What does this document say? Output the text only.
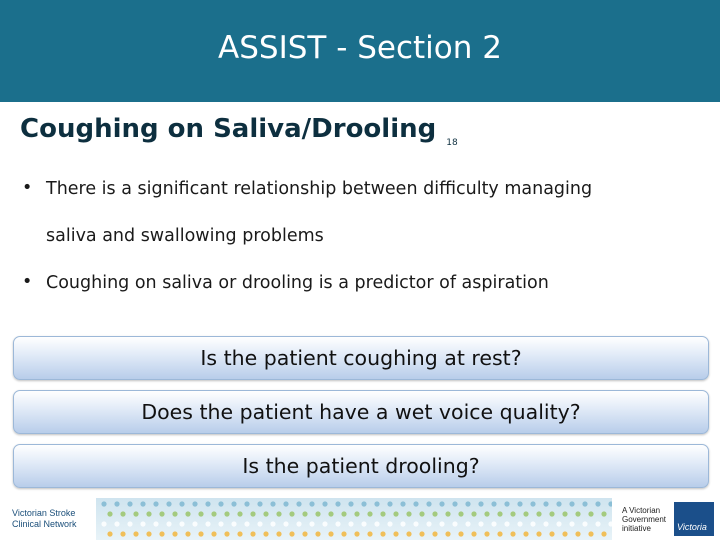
ASSIST - Section 2
Coughing on Saliva/Drooling $_{18}$
• There is a significant relationship between difficulty managing
saliva and swallowing problems
• Coughing on saliva or drooling is a predictor of aspiration
Is the patient coughing at rest?
Does the patient have a wet voice quality?
Is the patient drooling?
Victorian Stroke
Clinical Network
A Victorian
Government
initiative	Victoria
